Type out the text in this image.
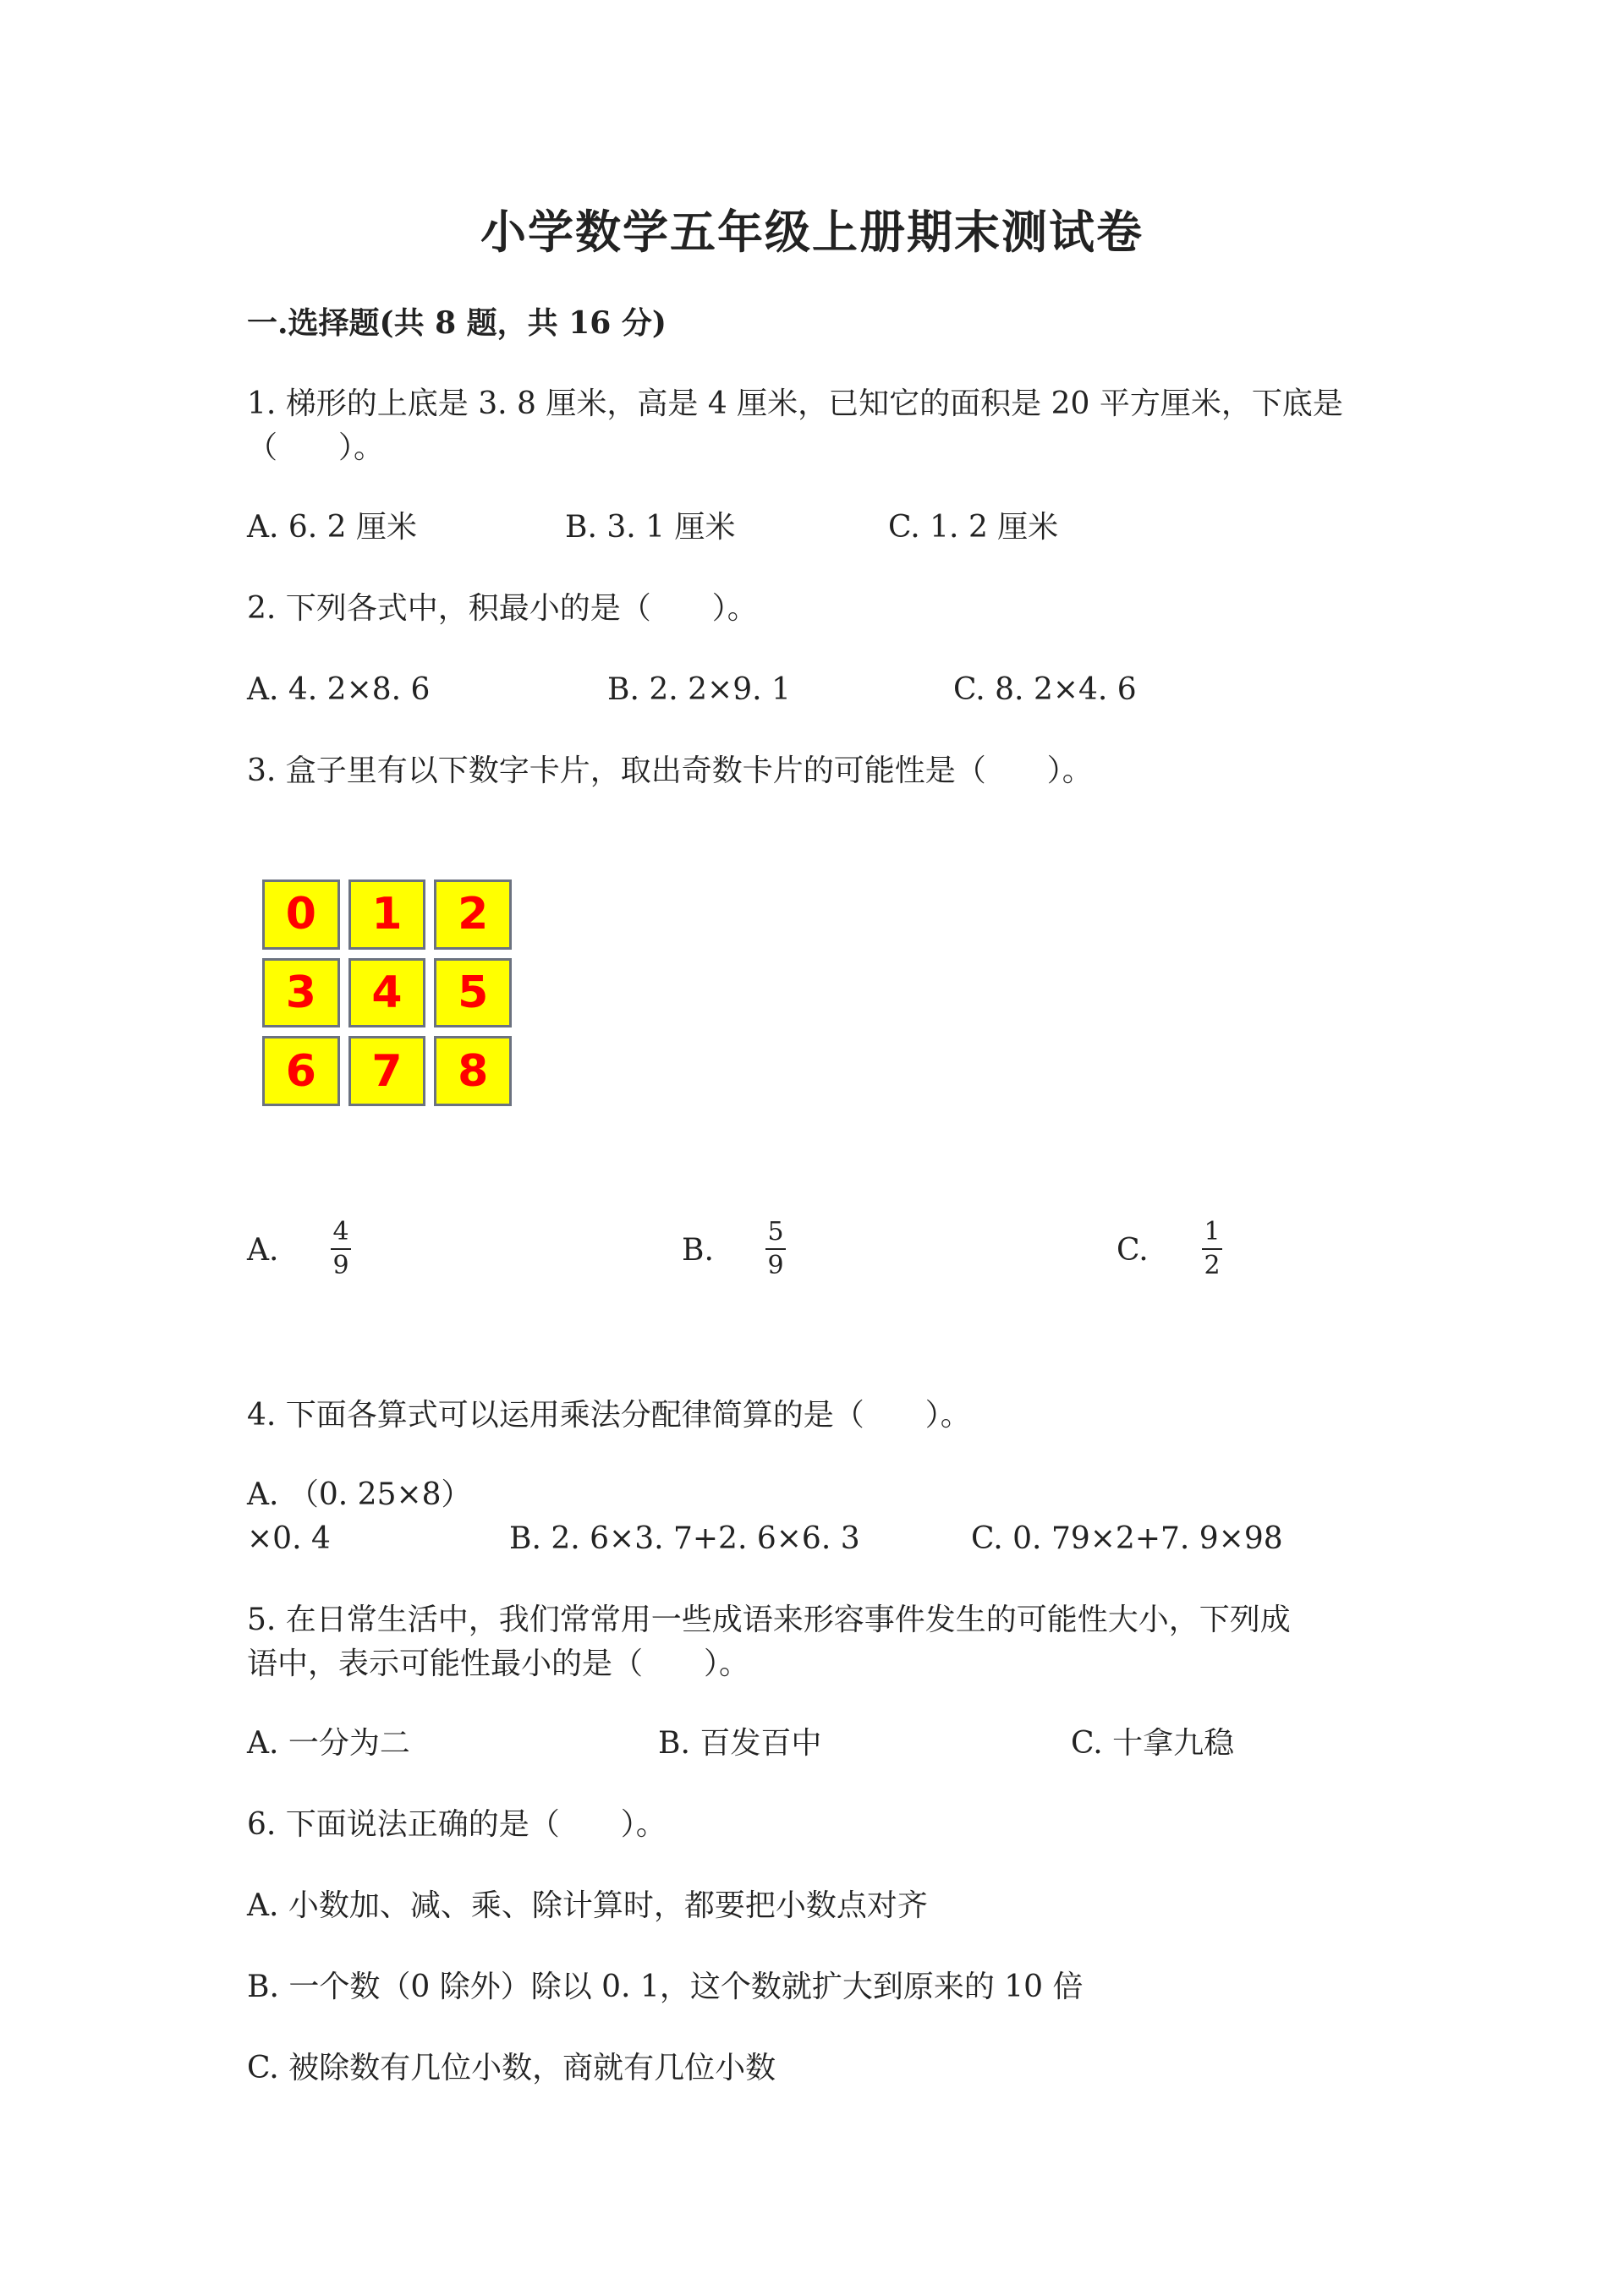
小学数学五年级上册期末测试卷
一.选择题(共 8 题，共 16 分)
1. 梯形的上底是 3. 8 厘米，高是 4 厘米，已知它的面积是 20 平方厘米，下底是
（　　）。
A. 6. 2 厘米	B. 3. 1 厘米	C. 1. 2 厘米
2. 下列各式中，积最小的是（　　）。
A. 4. 2×8. 6	B. 2. 2×9. 1	C. 8. 2×4. 6
3. 盒子里有以下数字卡片，取出奇数卡片的可能性是（　　）。
0	1	2
3	4	5
6	7	8
A.
4
9	B.
5
9	C.
1
2
4. 下面各算式可以运用乘法分配律简算的是（　　）。
A. （0. 25×8）
×0. 4	B. 2. 6×3. 7+2. 6×6. 3	C. 0. 79×2+7. 9×98
5. 在日常生活中，我们常常用一些成语来形容事件发生的可能性大小，下列成
语中，表示可能性最小的是（　　）。
A. 一分为二	B. 百发百中	C. 十拿九稳
6. 下面说法正确的是（　　）。
A. 小数加、减、乘、除计算时，都要把小数点对齐
B. 一个数（0 除外）除以 0. 1，这个数就扩大到原来的 10 倍
C. 被除数有几位小数，商就有几位小数
